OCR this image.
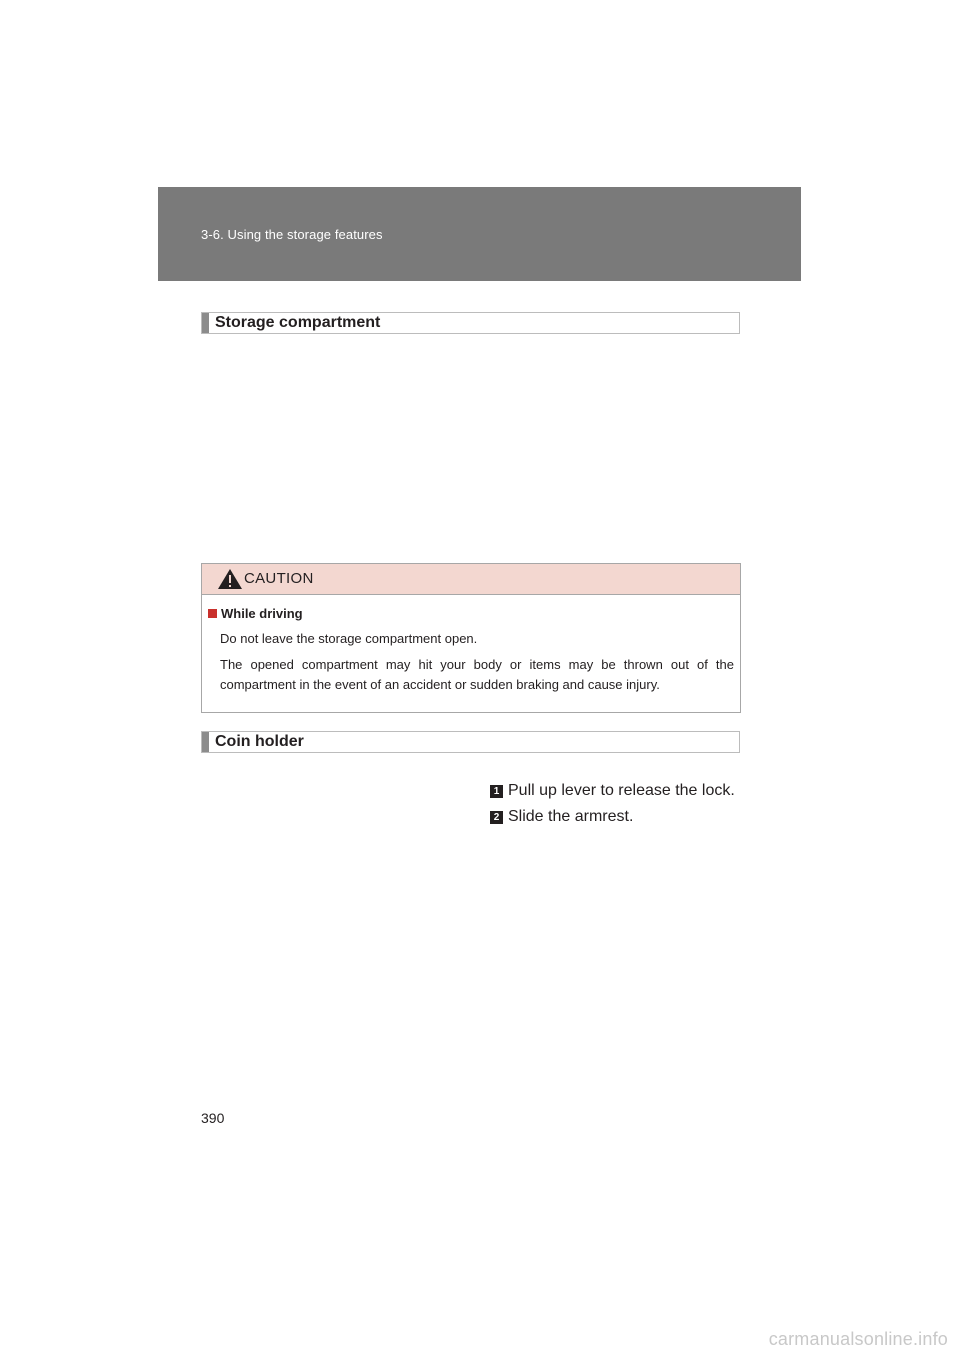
3-6. Using the storage features
Storage compartment
CAUTION
While driving

Do not leave the storage compartment open.

The opened compartment may hit your body or items may be thrown out of the compartment in the event of an accident or sudden braking and cause injury.

Coin holder
1 Pull up lever to release the lock.
2 Slide the armrest.
390
carmanualsonline.info
